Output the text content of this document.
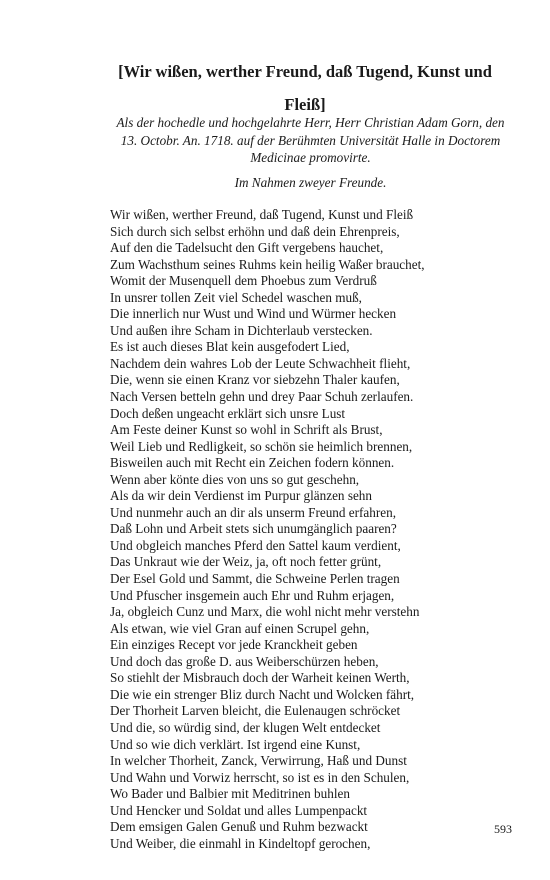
[Wir wißen, werther Freund, daß Tugend, Kunst und Fleiß]

Als der hochedle und hochgelahrte Herr, Herr Christian Adam Gorn, den 13. Octobr. An. 1718. auf der Berühmten Universität Halle in Doctorem Medicinae promovirte.

Im Nahmen zweyer Freunde.

Wir wißen, werther Freund, daß Tugend, Kunst und Fleiß
Sich durch sich selbst erhöhn und daß dein Ehrenpreis,
Auf den die Tadelsucht den Gift vergebens hauchet,
Zum Wachsthum seines Ruhms kein heilig Waßer brauchet,
Womit der Musenquell dem Phoebus zum Verdruß
In unsrer tollen Zeit viel Schedel waschen muß,
Die innerlich nur Wust und Wind und Würmer hecken
Und außen ihre Scham in Dichterlaub verstecken.
Es ist auch dieses Blat kein ausgefodert Lied,
Nachdem dein wahres Lob der Leute Schwachheit flieht,
Die, wenn sie einen Kranz vor siebzehn Thaler kaufen,
Nach Versen betteln gehn und drey Paar Schuh zerlaufen.
Doch deßen ungeacht erklärt sich unsre Lust
Am Feste deiner Kunst so wohl in Schrift als Brust,
Weil Lieb und Redligkeit, so schön sie heimlich brennen,
Bisweilen auch mit Recht ein Zeichen fodern können.
Wenn aber könte dies von uns so gut geschehn,
Als da wir dein Verdienst im Purpur glänzen sehn
Und nunmehr auch an dir als unserm Freund erfahren,
Daß Lohn und Arbeit stets sich unumgänglich paaren?
Und obgleich manches Pferd den Sattel kaum verdient,
Das Unkraut wie der Weiz, ja, oft noch fetter grünt,
Der Esel Gold und Sammt, die Schweine Perlen tragen
Und Pfuscher insgemein auch Ehr und Ruhm erjagen,
Ja, obgleich Cunz und Marx, die wohl nicht mehr verstehn
Als etwan, wie viel Gran auf einen Scrupel gehn,
Ein einziges Recept vor jede Kranckheit geben
Und doch das große D. aus Weiberschürzen heben,
So stiehlt der Misbrauch doch der Warheit keinen Werth,
Die wie ein strenger Bliz durch Nacht und Wolcken fährt,
Der Thorheit Larven bleicht, die Eulenaugen schröcket
Und die, so würdig sind, der klugen Welt entdecket
Und so wie dich verklärt. Ist irgend eine Kunst,
In welcher Thorheit, Zanck, Verwirrung, Haß und Dunst
Und Wahn und Vorwiz herrscht, so ist es in den Schulen,
Wo Bader und Balbier mit Meditrinen buhlen
Und Hencker und Soldat und alles Lumpenpackt
Dem emsigen Galen Genuß und Ruhm bezwackt
Und Weiber, die einmahl in Kindeltopf gerochen,
593
